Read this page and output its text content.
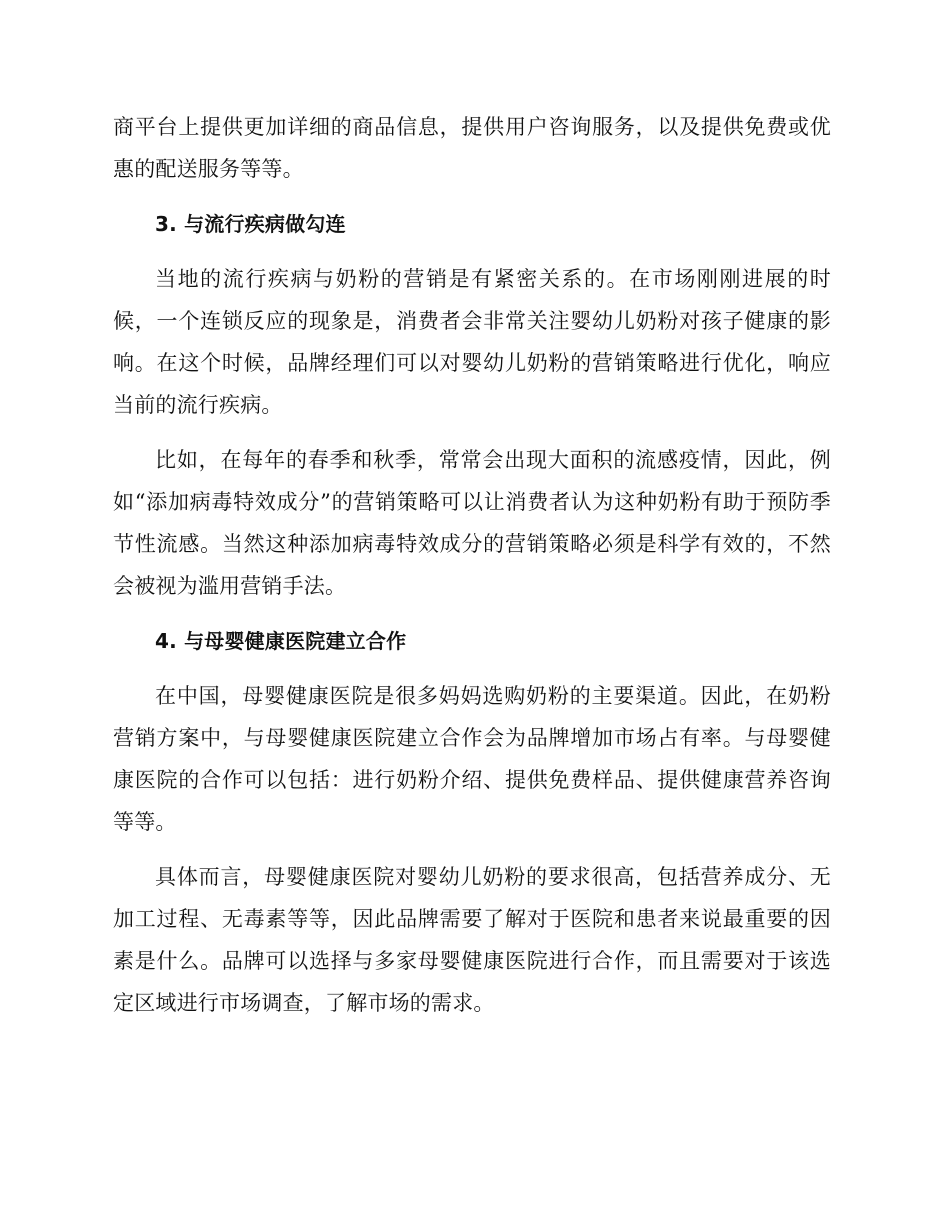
商平台上提供更加详细的商品信息，提供用户咨询服务，以及提供免费或优惠的配送服务等等。

3. 与流行疾病做勾连

当地的流行疾病与奶粉的营销是有紧密关系的。在市场刚刚进展的时候，一个连锁反应的现象是，消费者会非常关注婴幼儿奶粉对孩子健康的影响。在这个时候，品牌经理们可以对婴幼儿奶粉的营销策略进行优化，响应当前的流行疾病。

比如，在每年的春季和秋季，常常会出现大面积的流感疫情，因此，例如“添加病毒特效成分”的营销策略可以让消费者认为这种奶粉有助于预防季节性流感。当然这种添加病毒特效成分的营销策略必须是科学有效的，不然会被视为滥用营销手法。

4. 与母婴健康医院建立合作

在中国，母婴健康医院是很多妈妈选购奶粉的主要渠道。因此，在奶粉营销方案中，与母婴健康医院建立合作会为品牌增加市场占有率。与母婴健康医院的合作可以包括：进行奶粉介绍、提供免费样品、提供健康营养咨询等等。

具体而言，母婴健康医院对婴幼儿奶粉的要求很高，包括营养成分、无加工过程、无毒素等等，因此品牌需要了解对于医院和患者来说最重要的因素是什么。品牌可以选择与多家母婴健康医院进行合作，而且需要对于该选定区域进行市场调查，了解市场的需求。
